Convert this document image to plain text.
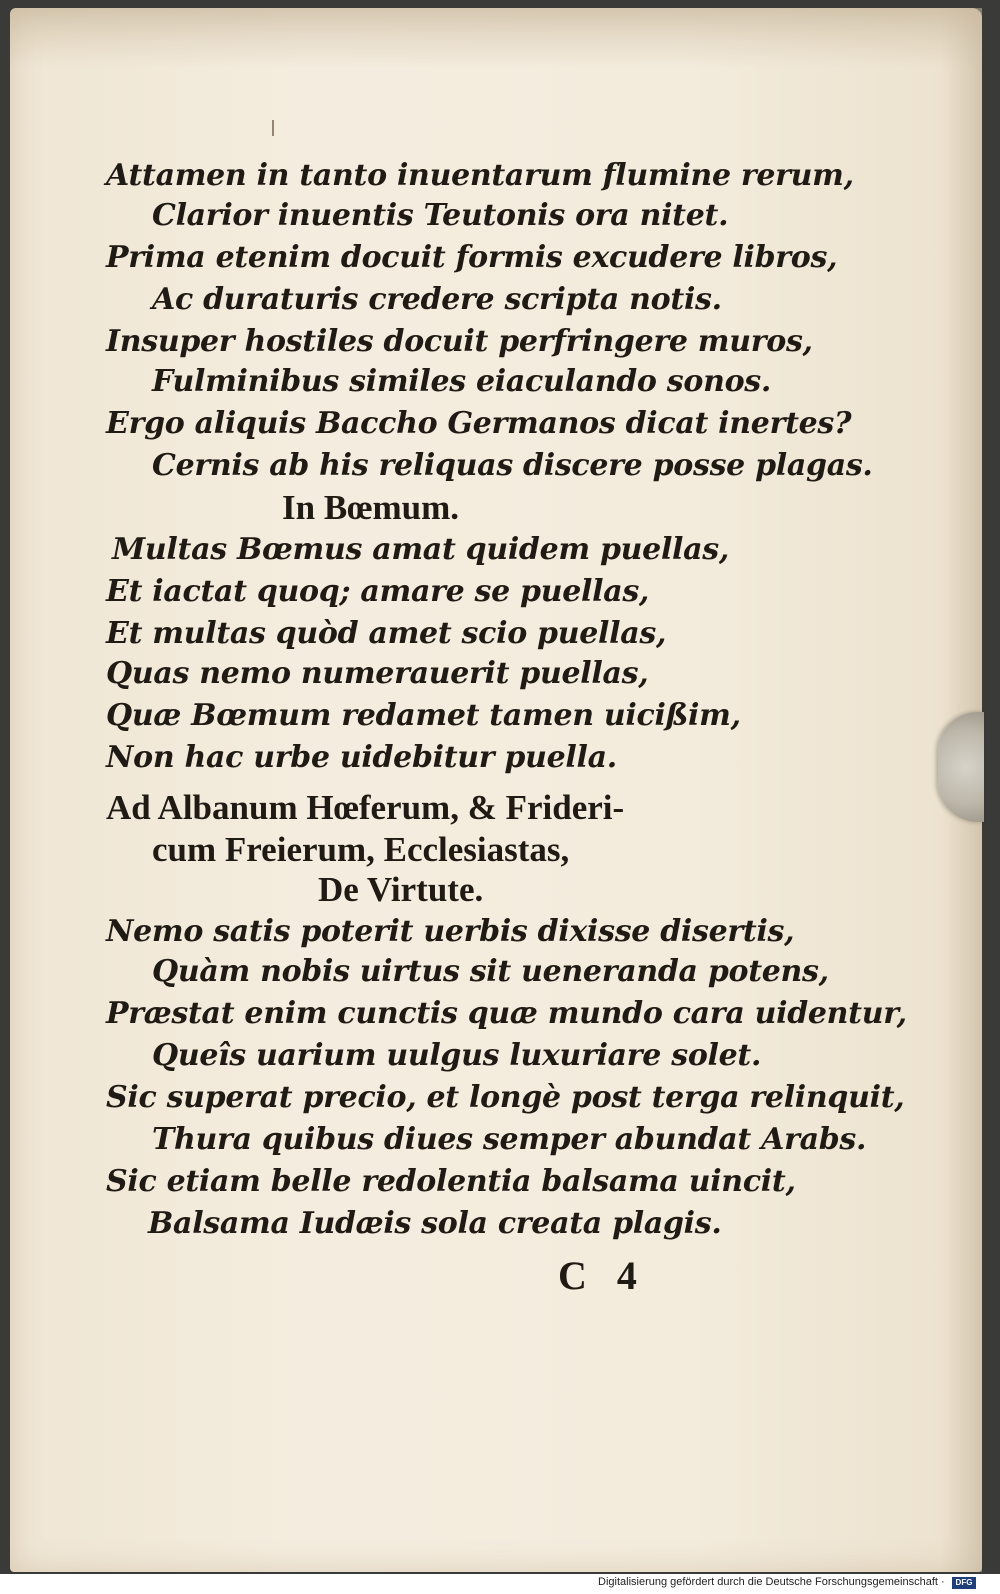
Attamen in tanto inuentarum flumine rerum,
Clarior inuentis Teutonis ora nitet.
Prima etenim docuit formis excudere libros,
Ac duraturis credere scripta notis.
Insuper hostiles docuit perfringere muros,
Fulminibus similes eiaculando sonos.
Ergo aliquis Baccho Germanos dicat inertes?
Cernis ab his reliquas discere posse plagas.
In Bœmum.
Multas Bœmus amat quidem puellas,
Et iactat quoq; amare se puellas,
Et multas quòd amet scio puellas,
Quas nemo numerauerit puellas,
Quæ Bœmum redamet tamen uicißim,
Non hac urbe uidebitur puella.
Ad Albanum Hœferum, & Frideri-
cum Freierum, Ecclesiastas,
De Virtute.
Nemo satis poterit uerbis dixisse disertis,
Quàm nobis uirtus sit ueneranda potens,
Præstat enim cunctis quæ mundo cara uidentur,
Queîs uarium uulgus luxuriare solet.
Sic superat precio, et longè post terga relinquit,
Thura quibus diues semper abundat Arabs.
Sic etiam belle redolentia balsama uincit,
Balsama Iudæis sola creata plagis.
C 4
Digitalisierung gefördert durch die Deutsche Forschungsgemeinschaft ·	DFG
